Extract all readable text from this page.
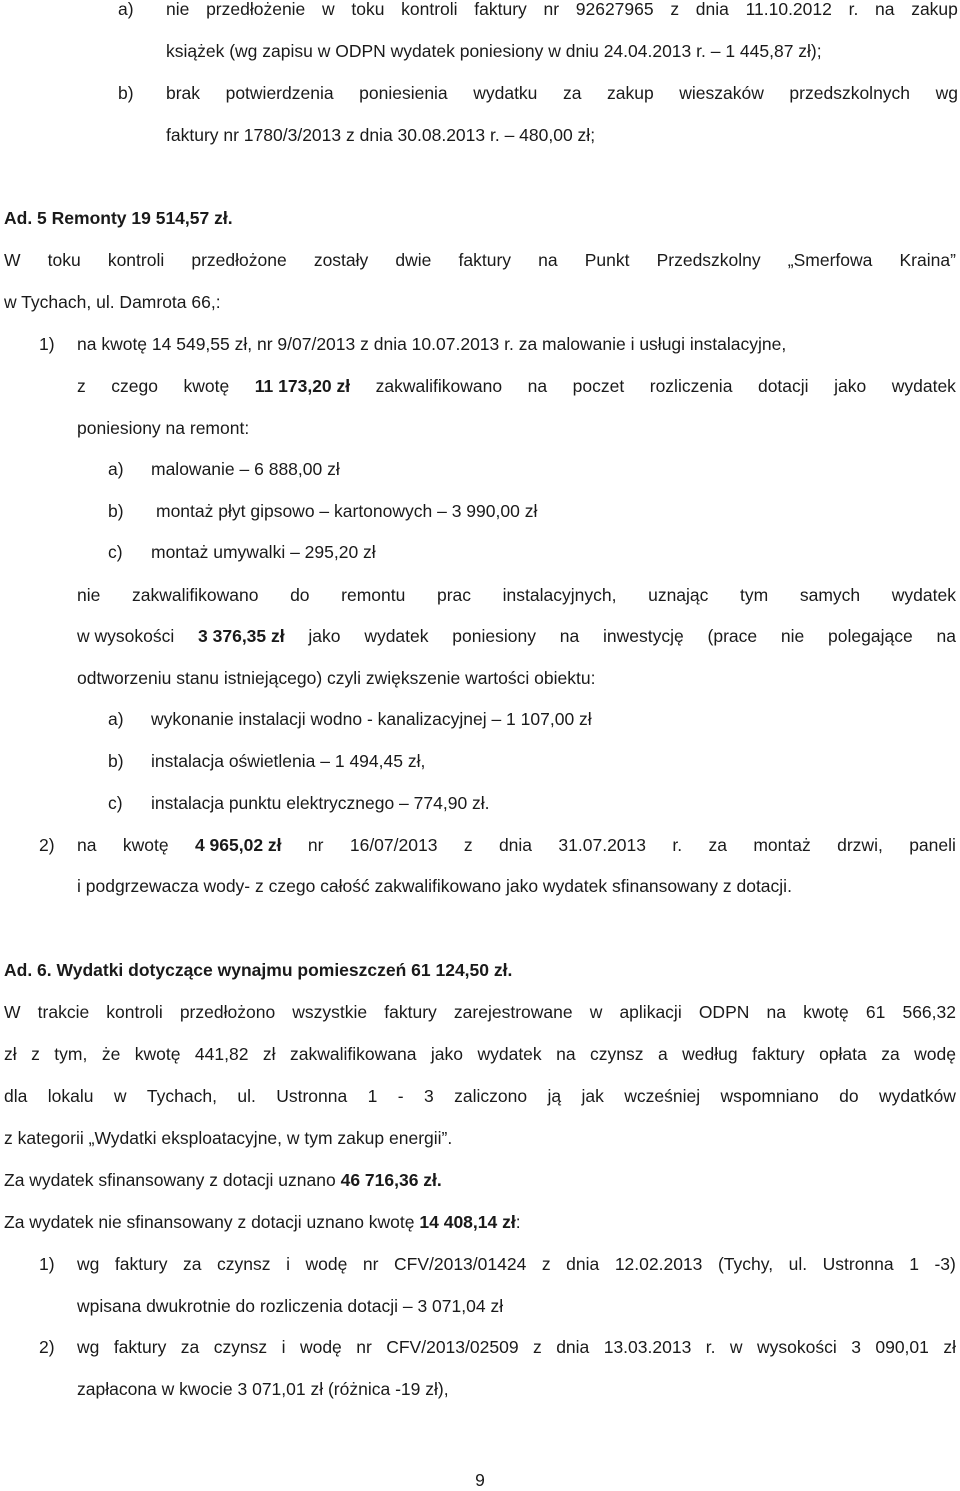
a) nie przedłożenie w toku kontroli faktury nr 92627965 z dnia 11.10.2012 r. na zakup
książek (wg zapisu w ODPN wydatek poniesiony w dniu 24.04.2013 r. – 1 445,87 zł);
b) brak potwierdzenia poniesienia wydatku za zakup wieszaków przedszkolnych wg
faktury nr 1780/3/2013 z dnia 30.08.2013 r. – 480,00 zł;
Ad. 5 Remonty 19 514,57 zł.
W toku kontroli przedłożone zostały dwie faktury na Punkt Przedszkolny „Smerfowa Kraina”
w Tychach, ul. Damrota 66,:
1) na kwotę 14 549,55 zł, nr 9/07/2013 z dnia 10.07.2013 r. za malowanie i usługi instalacyjne,
z czego kwotę 11 173,20 zł zakwalifikowano na poczet rozliczenia dotacji jako wydatek
poniesiony na remont:
a) malowanie – 6 888,00 zł
b) montaż płyt gipsowo – kartonowych – 3 990,00 zł
c) montaż umywalki – 295,20 zł
nie zakwalifikowano do remontu prac instalacyjnych, uznając tym samych wydatek
w wysokości 3 376,35 zł jako wydatek poniesiony na inwestycję (prace nie polegające na
odtworzeniu stanu istniejącego) czyli zwiększenie wartości obiektu:
a) wykonanie instalacji wodno - kanalizacyjnej – 1 107,00 zł
b) instalacja oświetlenia – 1 494,45 zł,
c) instalacja punktu elektrycznego – 774,90 zł.
2) na kwotę 4 965,02 zł nr 16/07/2013 z dnia 31.07.2013 r. za montaż drzwi, paneli
i podgrzewacza wody- z czego całość zakwalifikowano jako wydatek sfinansowany z dotacji.
Ad. 6. Wydatki dotyczące wynajmu pomieszczeń 61 124,50 zł.
W trakcie kontroli przedłożono wszystkie faktury zarejestrowane w aplikacji ODPN na kwotę 61 566,32
zł z tym, że kwotę 441,82 zł zakwalifikowana jako wydatek na czynsz a według faktury opłata za wodę
dla lokalu w Tychach, ul. Ustronna 1 - 3 zaliczono ją jak wcześniej wspomniano do wydatków
z kategorii „Wydatki eksploatacyjne, w tym zakup energii”.
Za wydatek sfinansowany z dotacji uznano 46 716,36 zł.
Za wydatek nie sfinansowany z dotacji uznano kwotę 14 408,14 zł:
1) wg faktury za czynsz i wodę nr CFV/2013/01424 z dnia 12.02.2013 (Tychy, ul. Ustronna 1 -3)
wpisana dwukrotnie do rozliczenia dotacji – 3 071,04 zł
2) wg faktury za czynsz i wodę nr CFV/2013/02509 z dnia 13.03.2013 r. w wysokości 3 090,01 zł
zapłacona w kwocie 3 071,01 zł (różnica -19 zł),
9
